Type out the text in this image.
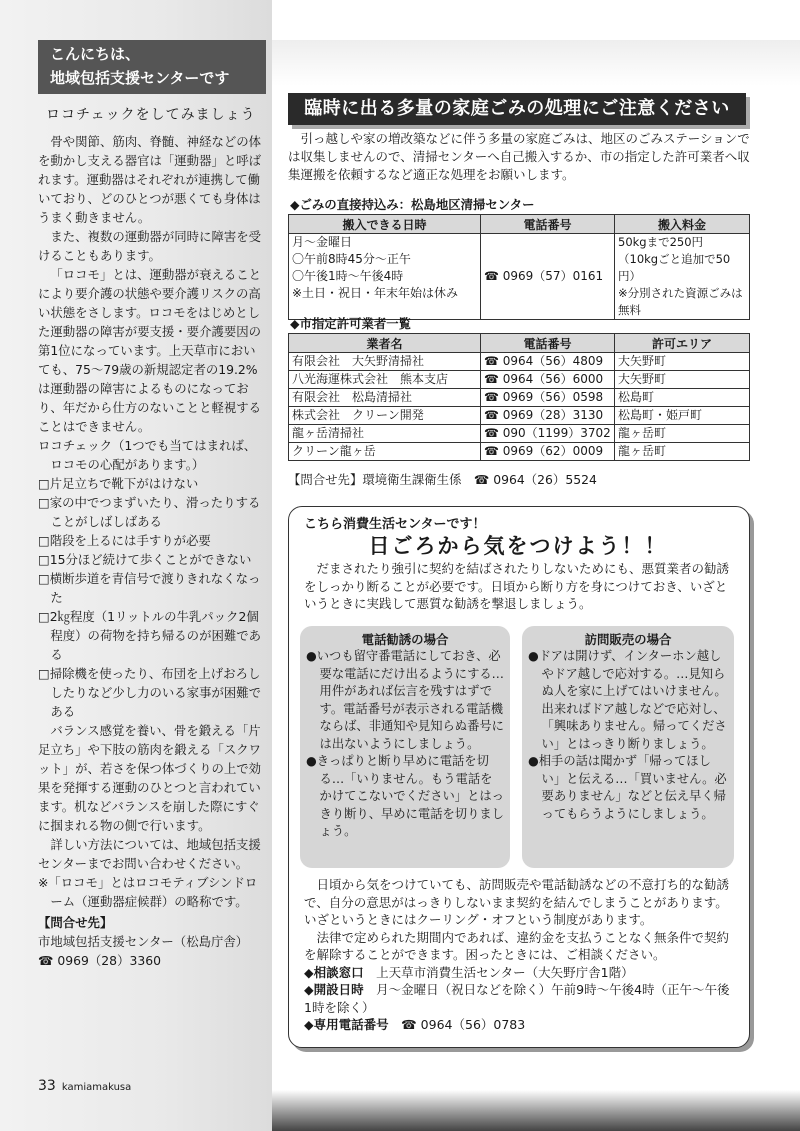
こんにちは、
地域包括支援センターです
ロコチェックをしてみましょう

骨や関節、筋肉、脊髄、神経などの体を動かし支える器官は「運動器」と呼ばれます。運動器はそれぞれが連携して働いており、どのひとつが悪くても身体はうまく動きません。

また、複数の運動器が同時に障害を受けることもあります。

「ロコモ」とは、運動器が衰えることにより要介護の状態や要介護リスクの高い状態をさします。ロコモをはじめとした運動器の障害が要支援・要介護要因の第1位になっています。上天草市においても、75～79歳の新規認定者の19.2%は運動器の障害によるものになっており、年だから仕方のないことと軽視することはできません。

ロコチェック（1つでも当てはまれば、ロコモの心配があります。）

□片足立ちで靴下がはけない

□家の中でつまずいたり、滑ったりすることがしばしばある

□階段を上るには手すりが必要

□15分ほど続けて歩くことができない

□横断歩道を青信号で渡りきれなくなった

□2㎏程度（1リットルの牛乳パック2個程度）の荷物を持ち帰るのが困難である

□掃除機を使ったり、布団を上げおろししたりなど少し力のいる家事が困難である

バランス感覚を養い、骨を鍛える「片足立ち」や下肢の筋肉を鍛える「スクワット」が、若さを保つ体づくりの上で効果を発揮する運動のひとつと言われています。机などバランスを崩した際にすぐに掴まれる物の側で行います。

詳しい方法については、地域包括支援センターまでお問い合わせください。

※「ロコモ」とはロコモティブシンドローム（運動器症候群）の略称です。

【問合せ先】
市地域包括支援センター（松島庁舎）
☎ 0969（28）3360
33 kamiamakusa
臨時に出る多量の家庭ごみの処理にご注意ください
引っ越しや家の増改築などに伴う多量の家庭ごみは、地区のごみステーションでは収集しませんので、清掃センターへ自己搬入するか、市の指定した許可業者へ収集運搬を依頼するなど適正な処理をお願いします。
◆ごみの直接持込み：松島地区清掃センター
搬入できる日時	電話番号	搬入料金
月～金曜日
〇午前8時45分～正午
〇午後1時～午後4時
※土日・祝日・年末年始は休み	☎ 0969（57）0161	50kgまで250円
（10kgごと追加で50円）
※分別された資源ごみは無料
◆市指定許可業者一覧
業者名	電話番号	許可エリア
有限会社　大矢野清掃社	☎ 0964（56）4809	大矢野町
八光海運株式会社　熊本支店	☎ 0964（56）6000	大矢野町
有限会社　松島清掃社	☎ 0969（56）0598	松島町
株式会社　クリーン開発	☎ 0969（28）3130	松島町・姫戸町
龍ヶ岳清掃社	☎ 090（1199）3702	龍ヶ岳町
クリーン龍ヶ岳	☎ 0969（62）0009	龍ヶ岳町
【問合せ先】環境衛生課衛生係　☎ 0964（26）5524
こちら消費生活センターです！
日ごろから気をつけよう！！
だまされたり強引に契約を結ばされたりしないためにも、悪質業者の勧誘をしっかり断ることが必要です。日頃から断り方を身につけておき、いざというときに実践して悪質な勧誘を撃退しましょう。
電話勧誘の場合

●いつも留守番電話にしておき、必要な電話にだけ出るようにする…用件があれば伝言を残すはずです。電話番号が表示される電話機ならば、非通知や見知らぬ番号には出ないようにしましょう。

●きっぱりと断り早めに電話を切る…「いりません。もう電話をかけてこないでください」とはっきり断り、早めに電話を切りましょう。

訪問販売の場合

●ドアは開けず、インターホン越しやドア越しで応対する。…見知らぬ人を家に上げてはいけません。出来ればドア越しなどで応対し、「興味ありません。帰ってください」とはっきり断りましょう。

●相手の話は聞かず「帰ってほしい」と伝える…「買いません。必要ありません」などと伝え早く帰ってもらうようにしましょう。

日頃から気をつけていても、訪問販売や電話勧誘などの不意打ち的な勧誘で、自分の意思がはっきりしないまま契約を結んでしまうことがあります。いざというときにはクーリング・オフという制度があります。

法律で定められた期間内であれば、違約金を支払うことなく無条件で契約を解除することができます。困ったときには、ご相談ください。

◆相談窓口　 上天草市消費生活センター（大矢野庁舎1階）

◆開設日時　 月～金曜日（祝日などを除く）午前9時～午後4時（正午～午後1時を除く）

◆専用電話番号　 ☎ 0964（56）0783
